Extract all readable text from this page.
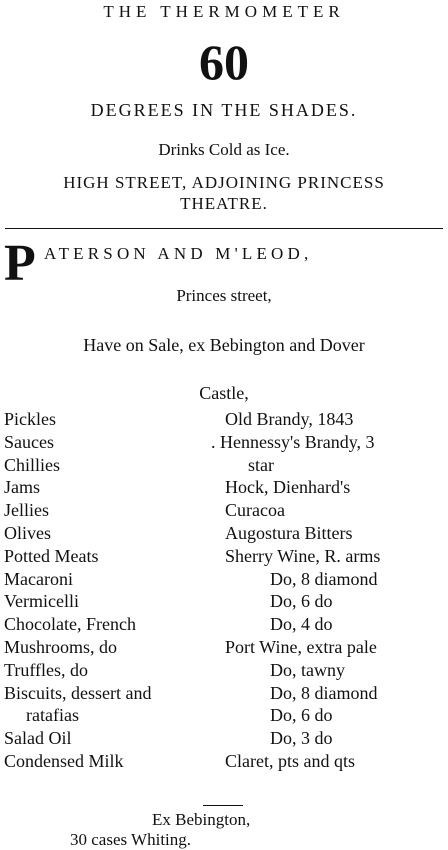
THE THERMOMETER
60
DEGREES IN THE SHADES.
Drinks Cold as Ice.
HIGH STREET, ADJOINING PRINCESS
THEATRE.
P ATERSON AND M'LEOD,
Princes street,
Have on Sale, ex Bebington and Dover
Castle,
Pickles
Sauces
Chillies
Jams
Jellies
Olives
Potted Meats
Macaroni
Vermicelli
Chocolate, French
Mushrooms, do
Truffles, do
Biscuits, dessert and
ratafias
Salad Oil
Condensed Milk
Old Brandy, 1843
. Hennessy's Brandy, 3
star
Hock, Dienhard's
Curacoa
Augostura Bitters
Sherry Wine, R. arms
Do, 8 diamond
Do, 6 do
Do, 4 do
Port Wine, extra pale
Do, tawny
Do, 8 diamond
Do, 6 do
Do, 3 do
Claret, pts and qts
Ex Bebington,
30 cases Whiting.
